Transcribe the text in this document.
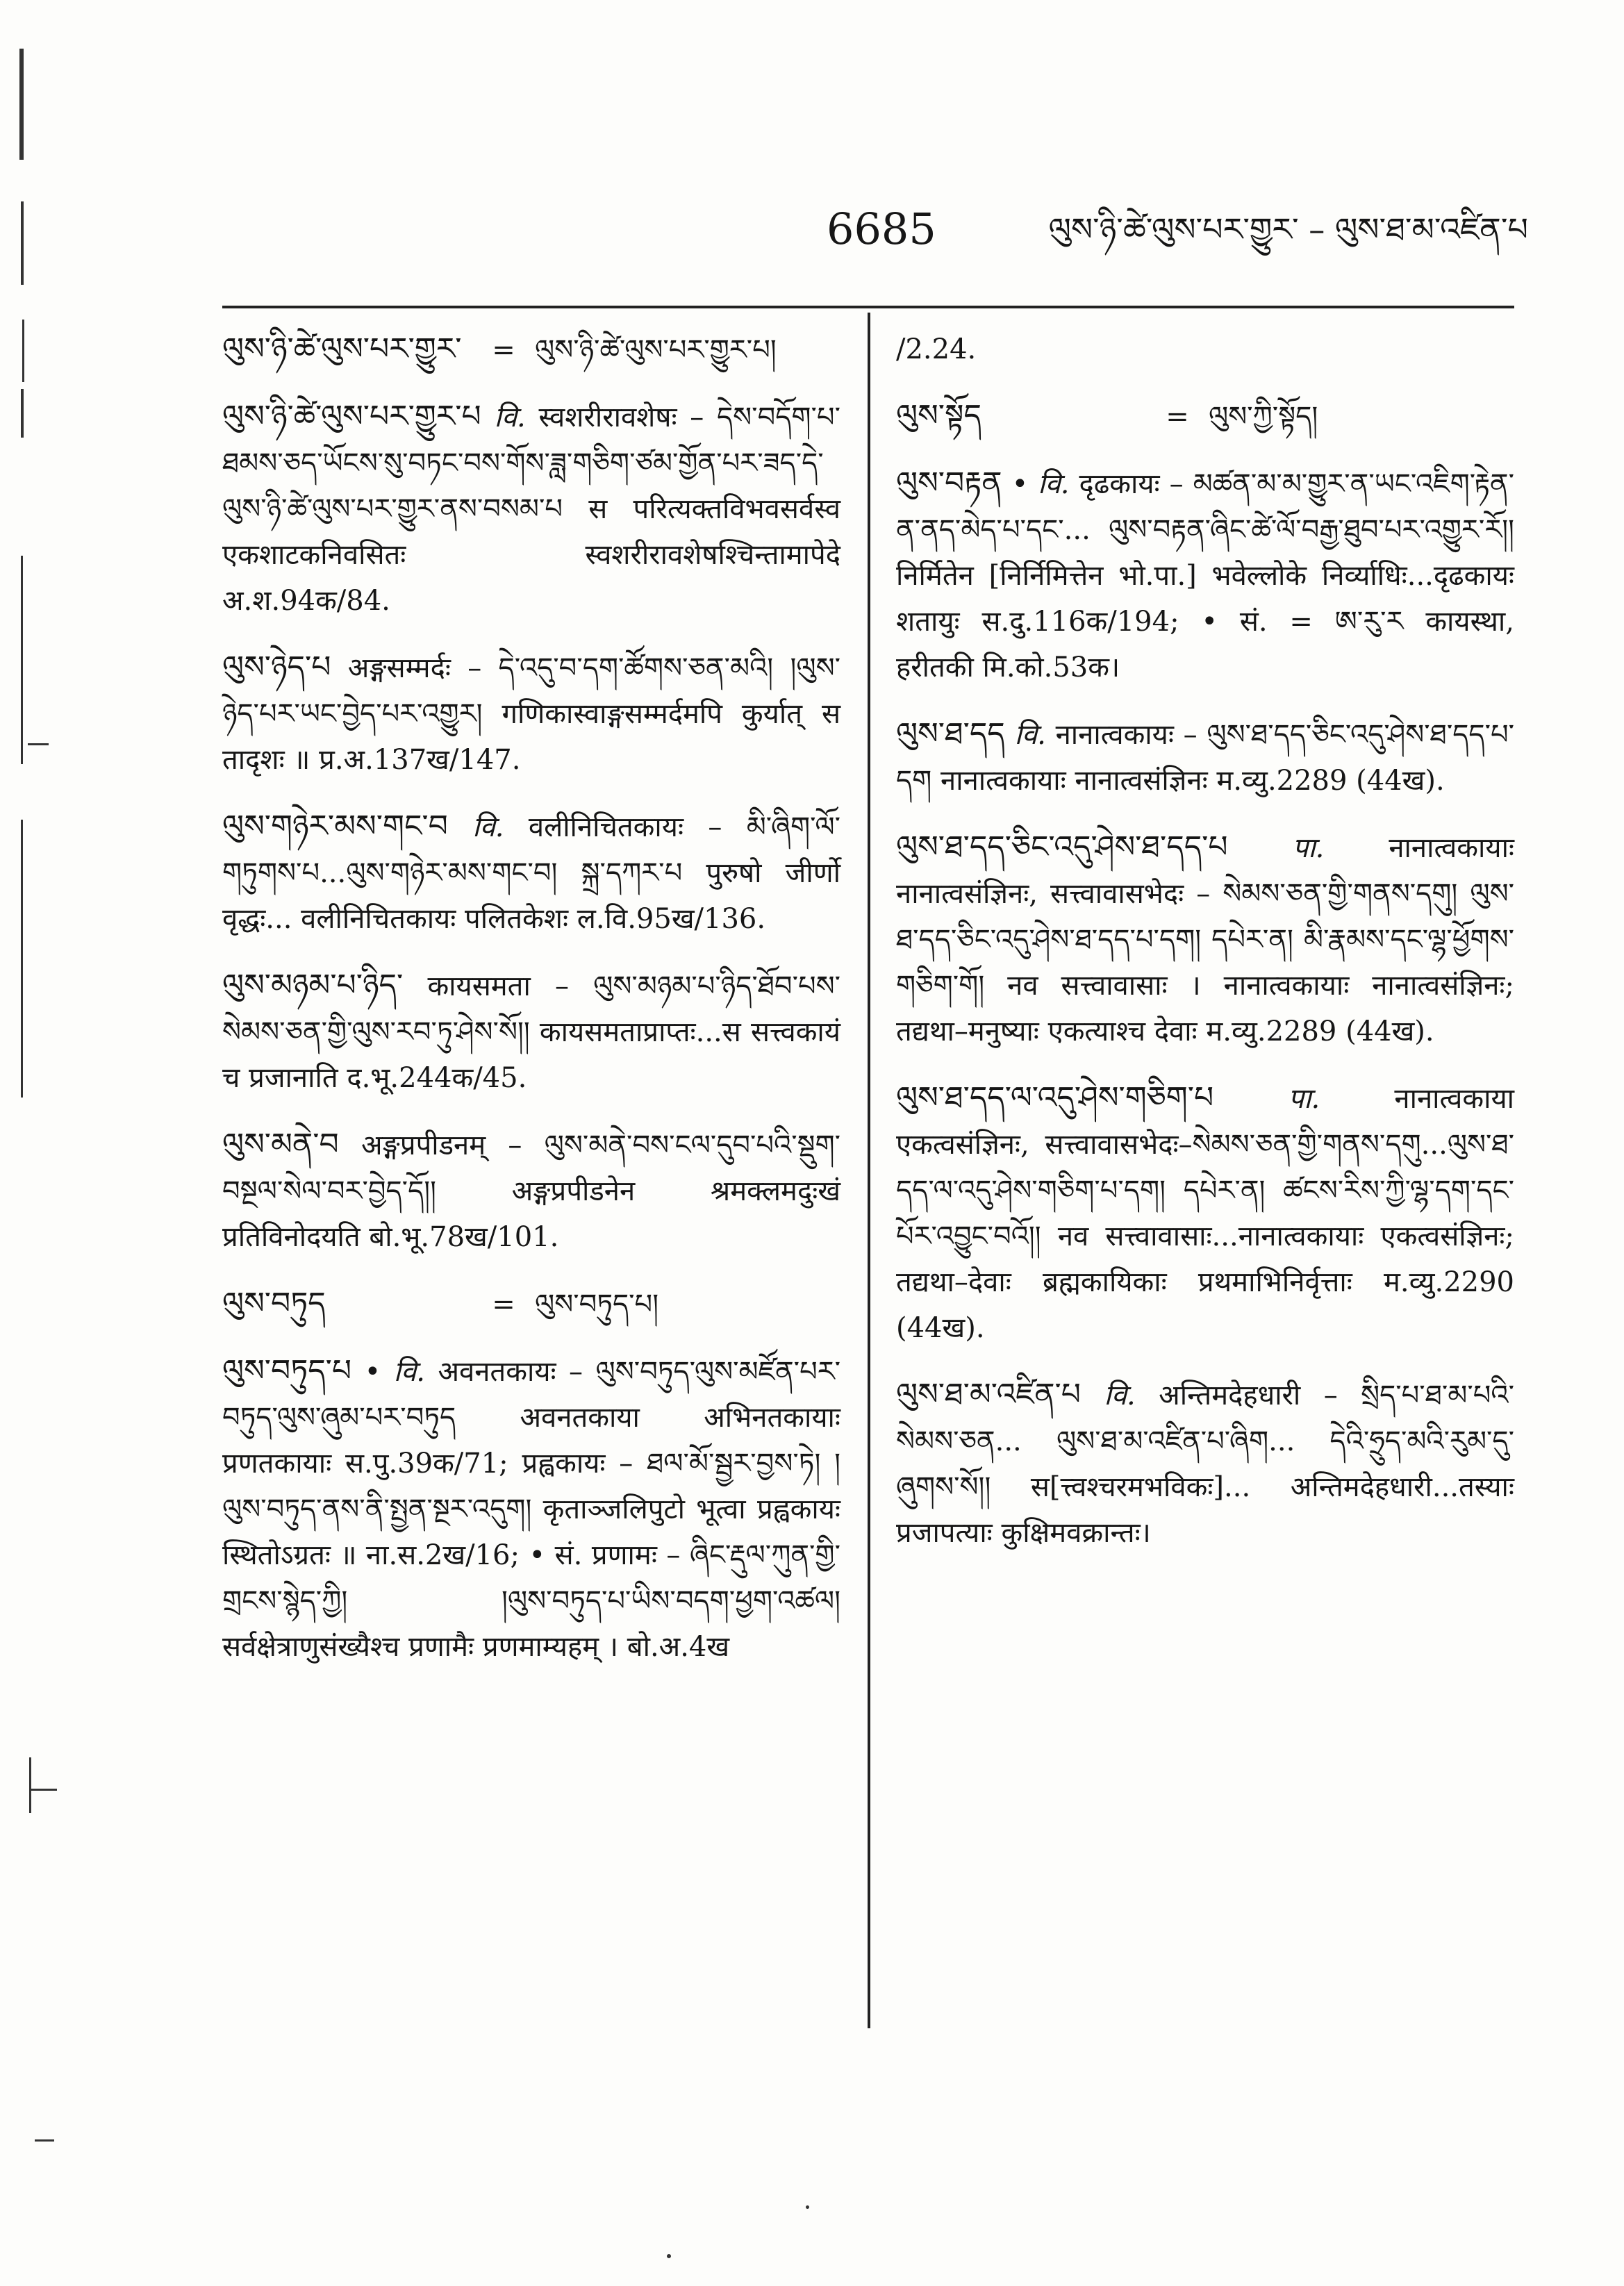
6685	ལུས་ཉི་ཚེ་ལུས་པར་གྱུར་ – ལུས་ཐ་མ་འཛིན་པ
ལུས་ཉི་ཚེ་ལུས་པར་གྱུར་ = ལུས་ཉི་ཚེ་ལུས་པར་གྱུར་པ།

ལུས་ཉི་ཚེ་ལུས་པར་གྱུར་པ वि. स्वशरीरावशेषः – དེས་བདོག་པ་ཐམས་ཅད་ཡོངས་སུ་བཏང་བས་གོས་ཟླ་གཅིག་ཙམ་གྱོན་པར་ཟད་དེ་ལུས་ཉི་ཚེ་ལུས་པར་གྱུར་ནས་བསམ་པ स परित्यक्तविभवसर्वस्व एकशाटकनिवसितः स्वशरीरावशेषश्चिन्तामापेदे अ.श.94क/84.

ལུས་ཉེད་པ अङ्गसम्मर्दः – དེ་འདུ་བ་དག་ཚོགས་ཅན་མའི། །ལུས་ཉེད་པར་ཡང་བྱེད་པར་འགྱུར། गणिकास्वाङ्गसम्मर्दमपि कुर्यात् स तादृशः ॥ प्र.अ.137ख/147.

ལུས་གཉེར་མས་གང་བ वि. वलीनिचितकायः – མི་ཞིག་ལོ་གཏུགས་པ...ལུས་གཉེར་མས་གང་བ། སྐྲ་དཀར་པ पुरुषो जीर्णो वृद्धः... वलीनिचितकायः पलितकेशः ल.वि.95ख/136.

ལུས་མཉམ་པ་ཉིད་ कायसमता – ལུས་མཉམ་པ་ཉིད་ཐོབ་པས་སེམས་ཅན་གྱི་ལུས་རབ་ཏུ་ཤེས་སོ།། कायसमताप्राप्तः...स सत्त्वकायं च प्रजानाति द.भू.244क/45.

ལུས་མནེ་བ अङ्गप्रपीडनम् – ལུས་མནེ་བས་ངལ་དུབ་པའི་སྡུག་བསྔལ་སེལ་བར་བྱེད་དོ།། अङ्गप्रपीडनेन श्रमक्लमदुःखं प्रतिविनोदयति बो.भू.78ख/101.

ལུས་བཏུད	= ལུས་བཏུད་པ།

ལུས་བཏུད་པ • वि. अवनतकायः – ལུས་བཏུད་ལུས་མཛོན་པར་བཏུད་ལུས་ཞུམ་པར་བཏུད अवनतकाया अभिनतकायाः प्रणतकायाः स.पु.39क/71; प्रह्वकायः – ཐལ་མོ་སྦྱར་བྱས་ཏེ། །ལུས་བཏུད་ནས་ནི་སྤྱན་སྔར་འདུག། कृताञ्जलिपुटो भूत्वा प्रह्वकायः स्थितोऽग्रतः ॥ ना.स.2ख/16; • सं. प्रणामः – ཞིང་རྡུལ་ཀུན་གྱི་གྲངས་སྙེད་ཀྱི། །ལུས་བཏུད་པ་ཡིས་བདག་ཕྱག་འཚལ། सर्वक्षेत्राणुसंख्यैश्च प्रणामैः प्रणमाम्यहम् । बो.अ.4ख

/2.24.
ལུས་སྟོད	= ལུས་ཀྱི་སྟོད།

ལུས་བརྟན • वि. दृढकायः – མཚན་མ་མ་གྱུར་ན་ཡང་འཇིག་རྟེན་ན་ནད་མེད་པ་དང་... ལུས་བརྟན་ཞིང་ཚེ་ལོ་བརྒྱ་ཐུབ་པར་འགྱུར་རོ།། निर्मितेन [निर्निमित्तेन भो.पा.] भवेल्लोके निर्व्याधिः...दृढकायः शतायुः स.दु.116क/194; • सं. = ཨ་རུ་ར कायस्था, हरीतकी मि.को.53क।

ལུས་ཐ་དད वि. नानात्वकायः – ལུས་ཐ་དད་ཅིང་འདུ་ཤེས་ཐ་དད་པ་དག नानात्वकायाः नानात्वसंज्ञिनः म.व्यु.2289 (44ख).

ལུས་ཐ་དད་ཅིང་འདུ་ཤེས་ཐ་དད་པ पा. नानात्वकायाः नानात्वसंज्ञिनः, सत्त्वावासभेदः – སེམས་ཅན་གྱི་གནས་དགུ། ལུས་ཐ་དད་ཅིང་འདུ་ཤེས་ཐ་དད་པ་དག། དཔེར་ན། མི་རྣམས་དང་ལྷ་ཕྱོགས་གཅིག་གོ། नव सत्त्वावासाः । नानात्वकायाः नानात्वसंज्ञिनः; तद्यथा–मनुष्याः एकत्याश्च देवाः म.व्यु.2289 (44ख).

ལུས་ཐ་དད་ལ་འདུ་ཤེས་གཅིག་པ	पा.	नानात्वकाया एकत्वसंज्ञिनः, सत्त्वावासभेदः–སེམས་ཅན་གྱི་གནས་དགུ...ལུས་ཐ་དད་ལ་འདུ་ཤེས་གཅིག་པ་དག། དཔེར་ན། ཚངས་རིས་ཀྱི་ལྷ་དག་དང་པོར་འབྱུང་བའོ།། नव सत्त्वावासाः...नानात्वकायाः एकत्वसंज्ञिनः; तद्यथा–देवाः ब्रह्मकायिकाः प्रथमाभिनिर्वृत्ताः म.व्यु.2290 (44ख).

ལུས་ཐ་མ་འཛིན་པ वि. अन्तिमदेहधारी – སྲིད་པ་ཐ་མ་པའི་སེམས་ཅན... ལུས་ཐ་མ་འཛིན་པ་ཞིག... དེའི་ཧྲུད་མའི་རུམ་དུ་ཞུགས་སོ།། स[त्त्वश्चरमभविकः]... अन्तिमदेहधारी...तस्याः प्रजापत्याः कुक्षिमवक्रान्तः।
